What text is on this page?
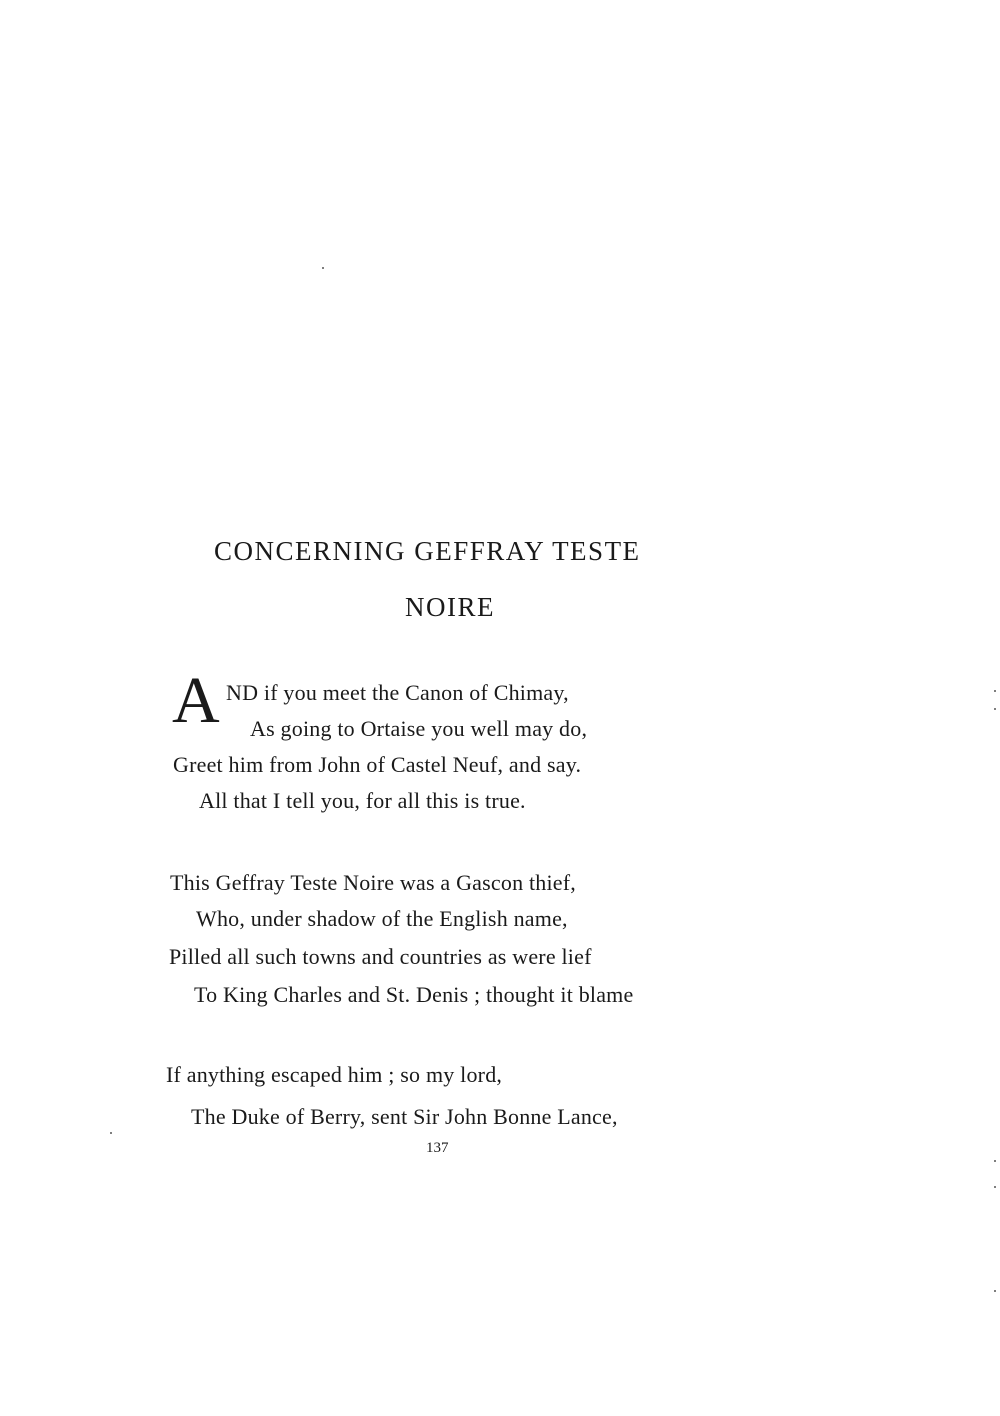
CONCERNING GEFFRAY TESTE
NOIRE
A ND if you meet the Canon of Chimay,
As going to Ortaise you well may do,
Greet him from John of Castel Neuf, and say.
All that I tell you, for all this is true.
This Geffray Teste Noire was a Gascon thief,
Who, under shadow of the English name,
Pilled all such towns and countries as were lief
To King Charles and St. Denis ; thought it blame
If anything escaped him ; so my lord,
The Duke of Berry, sent Sir John Bonne Lance,
137
